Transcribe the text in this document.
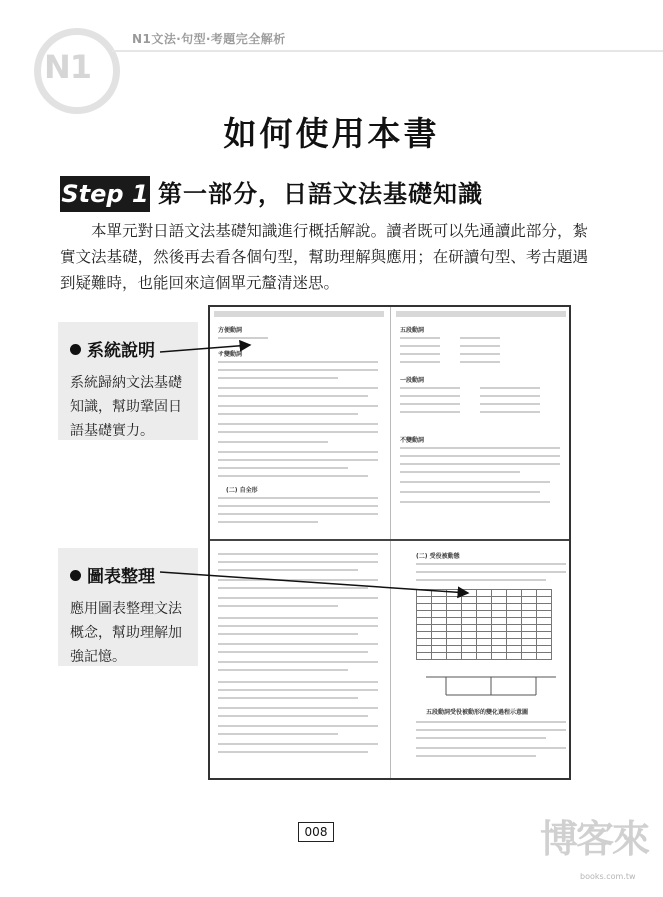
N1
N1文法‧句型‧考題完全解析
如何使用本書
Step 1 第一部分，日語文法基礎知識
本單元對日語文法基礎知識進行概括解說。讀者既可以先通讀此部分，紮實文法基礎，然後再去看各個句型，幫助理解與應用；在研讀句型、考古題遇到疑難時，也能回來這個單元釐清迷思。
系統說明
系統歸納文法基礎知識，幫助鞏固日語基礎實力。
圖表整理
應用圖表整理文法概念，幫助理解加強記憶。
方便動詞
サ變動詞
五段動詞
一段動詞
不變動詞
(二) 自全形
(二) 受役被動態
五段動詞受役被動形的變化過程示意圖

008	博客來
books.com.tw
